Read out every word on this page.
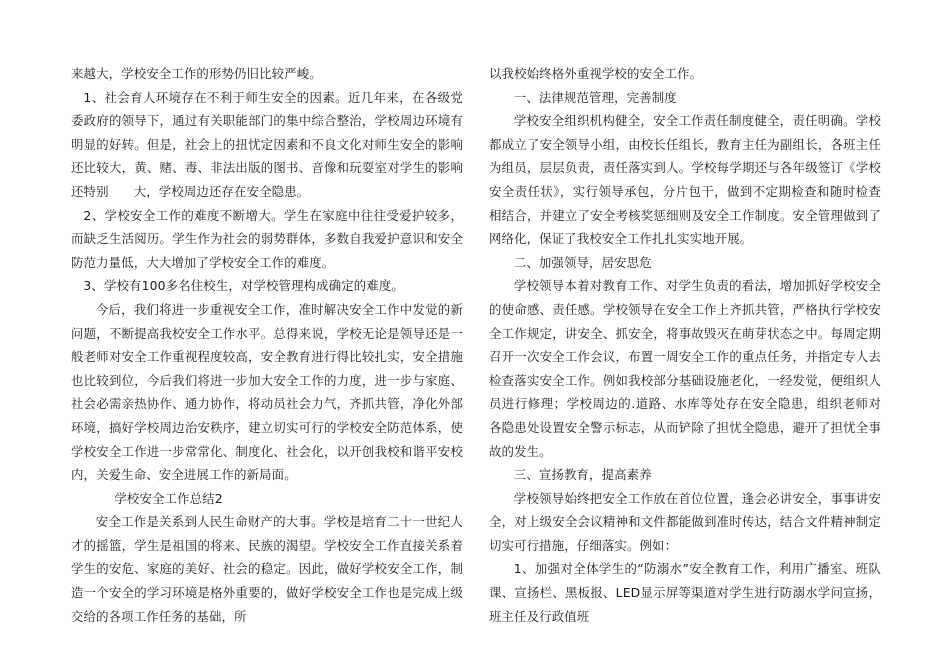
来越大，学校安全工作的形势仍旧比较严峻。

1、社会育人环境存在不利于师生安全的因素。近几年来，在各级党委政府的领导下，通过有关职能部门的集中综合整治，学校周边环境有明显的好转。但是，社会上的扭忧定因素和不良文化对师生安全的影响还比较大，黄、赌、毒、非法出版的图书、音像和玩耍室对学生的影响还特别　　大，学校周边还存在安全隐患。

2、学校安全工作的难度不断增大。学生在家庭中往往受爱护较多，而缺乏生活阅历。学生作为社会的弱势群体，多数自我爱护意识和安全防范力量低，大大增加了学校安全工作的难度。

3、学校有100多名住校生，对学校管理构成确定的难度。

今后，我们将进一步重视安全工作，准时解决安全工作中发觉的新问题，不断提高我校安全工作水平。总得来说，学校无论是领导还是一般老师对安全工作重视程度较高，安全教育进行得比较扎实，安全措施也比较到位，今后我们将进一步加大安全工作的力度，进一步与家庭、社会必需亲热协作、通力协作，将动员社会力气，齐抓共管，净化外部环境，搞好学校周边治安秩序，建立切实可行的学校安全防范体系，使学校安全工作进一步常常化、制度化、社会化，以开创我校和谐平安校内，关爱生命、安全进展工作的新局面。

学校安全工作总结2

安全工作是关系到人民生命财产的大事。学校是培育二十一世纪人才的摇篮，学生是祖国的将来、民族的渴望。学校安全工作直接关系着学生的安危、家庭的美好、社会的稳定。因此，做好学校安全工作，制造一个安全的学习环境是格外重要的，做好学校安全工作也是完成上级交给的各项工作任务的基础，所

以我校始终格外重视学校的安全工作。

一、法律规范管理，完善制度

学校安全组织机构健全，安全工作责任制度健全，责任明确。学校都成立了安全领导小组，由校长任组长，教育主任为副组长，各班主任为组员，层层负责，责任落实到人。学校每学期还与各年级签订《学校安全责任状》，实行领导承包，分片包干，做到不定期检查和随时检查相结合，并建立了安全考核奖惩细则及安全工作制度。安全管理做到了网络化，保证了我校安全工作扎扎实实地开展。

二、加强领导，居安思危

学校领导本着对教育工作、对学生负责的看法，增加抓好学校安全的使命感、责任感。学校领导在安全工作上齐抓共管，严格执行学校安全工作规定，讲安全、抓安全，将事故毁灭在萌芽状态之中。每周定期召开一次安全工作会议，布置一周安全工作的重点任务，并指定专人去检查落实安全工作。例如我校部分基础设施老化，一经发觉，便组织人员进行修理；学校周边的.道路、水库等处存在安全隐患，组织老师对各隐患处设置安全警示标志，从而铲除了担忧全隐患，避开了担忧全事故的发生。

三、宣扬教育，提高素养

学校领导始终把安全工作放在首位位置，逢会必讲安全，事事讲安全，对上级安全会议精神和文件都能做到准时传达，结合文件精神制定切实可行措施，仔细落实。例如：

1、加强对全体学生的“防溺水”安全教育工作，利用广播室、班队课、宣扬栏、黑板报、LED显示屏等渠道对学生进行防溺水学问宣扬，班主任及行政值班
